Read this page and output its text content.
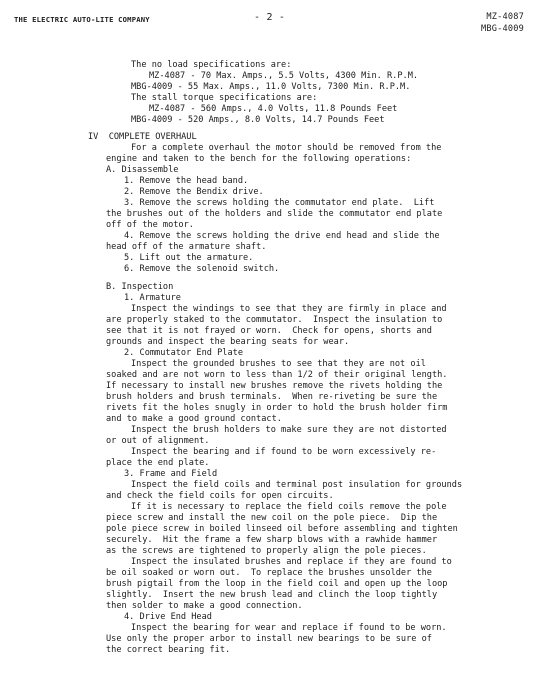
THE ELECTRIC AUTO-LITE COMPANY	- 2 -	MZ-4087
MBG-4009
The no load specifications are:
MZ-4087 - 70 Max. Amps., 5.5 Volts, 4300 Min. R.P.M.
MBG-4009 - 55 Max. Amps., 11.0 Volts, 7300 Min. R.P.M.
The stall torque specifications are:
MZ-4087 - 560 Amps., 4.0 Volts, 11.8 Pounds Feet
MBG-4009 - 520 Amps., 8.0 Volts, 14.7 Pounds Feet
IV  COMPLETE OVERHAUL
For a complete overhaul the motor should be removed from the
engine and taken to the bench for the following operations:
A. Disassemble
1. Remove the head band.
2. Remove the Bendix drive.
3. Remove the screws holding the commutator end plate.  Lift
the brushes out of the holders and slide the commutator end plate
off of the motor.
4. Remove the screws holding the drive end head and slide the
head off of the armature shaft.
5. Lift out the armature.
6. Remove the solenoid switch.
B. Inspection
1. Armature
Inspect the windings to see that they are firmly in place and
are properly staked to the commutator.  Inspect the insulation to
see that it is not frayed or worn.  Check for opens, shorts and
grounds and inspect the bearing seats for wear.
2. Commutator End Plate
Inspect the grounded brushes to see that they are not oil
soaked and are not worn to less than 1/2 of their original length.
If necessary to install new brushes remove the rivets holding the
brush holders and brush terminals.  When re-riveting be sure the
rivets fit the holes snugly in order to hold the brush holder firm
and to make a good ground contact.
Inspect the brush holders to make sure they are not distorted
or out of alignment.
Inspect the bearing and if found to be worn excessively re-
place the end plate.
3. Frame and Field
Inspect the field coils and terminal post insulation for grounds
and check the field coils for open circuits.
If it is necessary to replace the field coils remove the pole
piece screw and install the new coil on the pole piece.  Dip the
pole piece screw in boiled linseed oil before assembling and tighten
securely.  Hit the frame a few sharp blows with a rawhide hammer
as the screws are tightened to properly align the pole pieces.
Inspect the insulated brushes and replace if they are found to
be oil soaked or worn out.  To replace the brushes unsolder the
brush pigtail from the loop in the field coil and open up the loop
slightly.  Insert the new brush lead and clinch the loop tightly
then solder to make a good connection.
4. Drive End Head
Inspect the bearing for wear and replace if found to be worn.
Use only the proper arbor to install new bearings to be sure of
the correct bearing fit.
